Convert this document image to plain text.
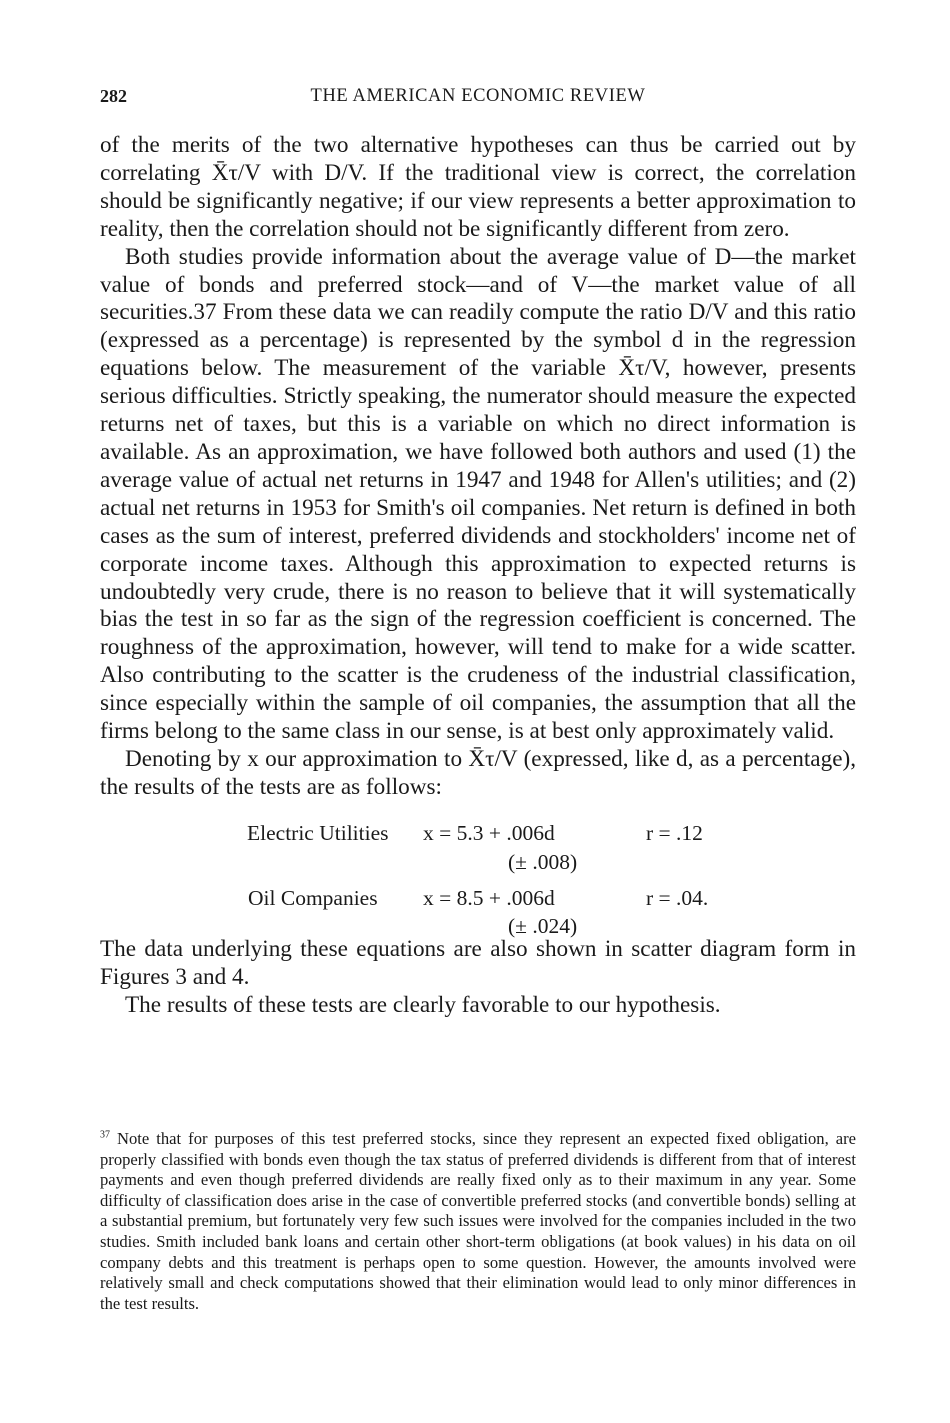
282	THE AMERICAN ECONOMIC REVIEW

of the merits of the two alternative hypotheses can thus be carried out by correlating X̄τ/V with D/V. If the traditional view is correct, the correlation should be significantly negative; if our view represents a better approximation to reality, then the correlation should not be significantly different from zero.

Both studies provide information about the average value of D—the market value of bonds and preferred stock—and of V—the market value of all securities.37 From these data we can readily compute the ratio D/V and this ratio (expressed as a percentage) is represented by the symbol d in the regression equations below. The measurement of the variable X̄τ/V, however, presents serious difficulties. Strictly speaking, the numerator should measure the expected returns net of taxes, but this is a variable on which no direct information is available. As an approximation, we have followed both authors and used (1) the average value of actual net returns in 1947 and 1948 for Allen's utilities; and (2) actual net returns in 1953 for Smith's oil companies. Net return is defined in both cases as the sum of interest, preferred dividends and stockholders' income net of corporate income taxes. Although this approximation to expected returns is undoubtedly very crude, there is no reason to believe that it will systematically bias the test in so far as the sign of the regression coefficient is concerned. The roughness of the approximation, however, will tend to make for a wide scatter. Also contributing to the scatter is the crudeness of the industrial classification, since especially within the sample of oil companies, the assumption that all the firms belong to the same class in our sense, is at best only approximately valid.

Denoting by x our approximation to X̄τ/V (expressed, like d, as a percentage), the results of the tests are as follows:

Electric Utilities x = 5.3 + .006d	r = .12
(± .008)
Oil Companies x = 8.5 + .006d	r = .04.
(± .024)

The data underlying these equations are also shown in scatter diagram form in Figures 3 and 4.

The results of these tests are clearly favorable to our hypothesis.

$^{37}$ Note that for purposes of this test preferred stocks, since they represent an expected fixed obligation, are properly classified with bonds even though the tax status of preferred dividends is different from that of interest payments and even though preferred dividends are really fixed only as to their maximum in any year. Some difficulty of classification does arise in the case of convertible preferred stocks (and convertible bonds) selling at a substantial premium, but fortunately very few such issues were involved for the companies included in the two studies. Smith included bank loans and certain other short-term obligations (at book values) in his data on oil company debts and this treatment is perhaps open to some question. However, the amounts involved were relatively small and check computations showed that their elimination would lead to only minor differences in the test results.
